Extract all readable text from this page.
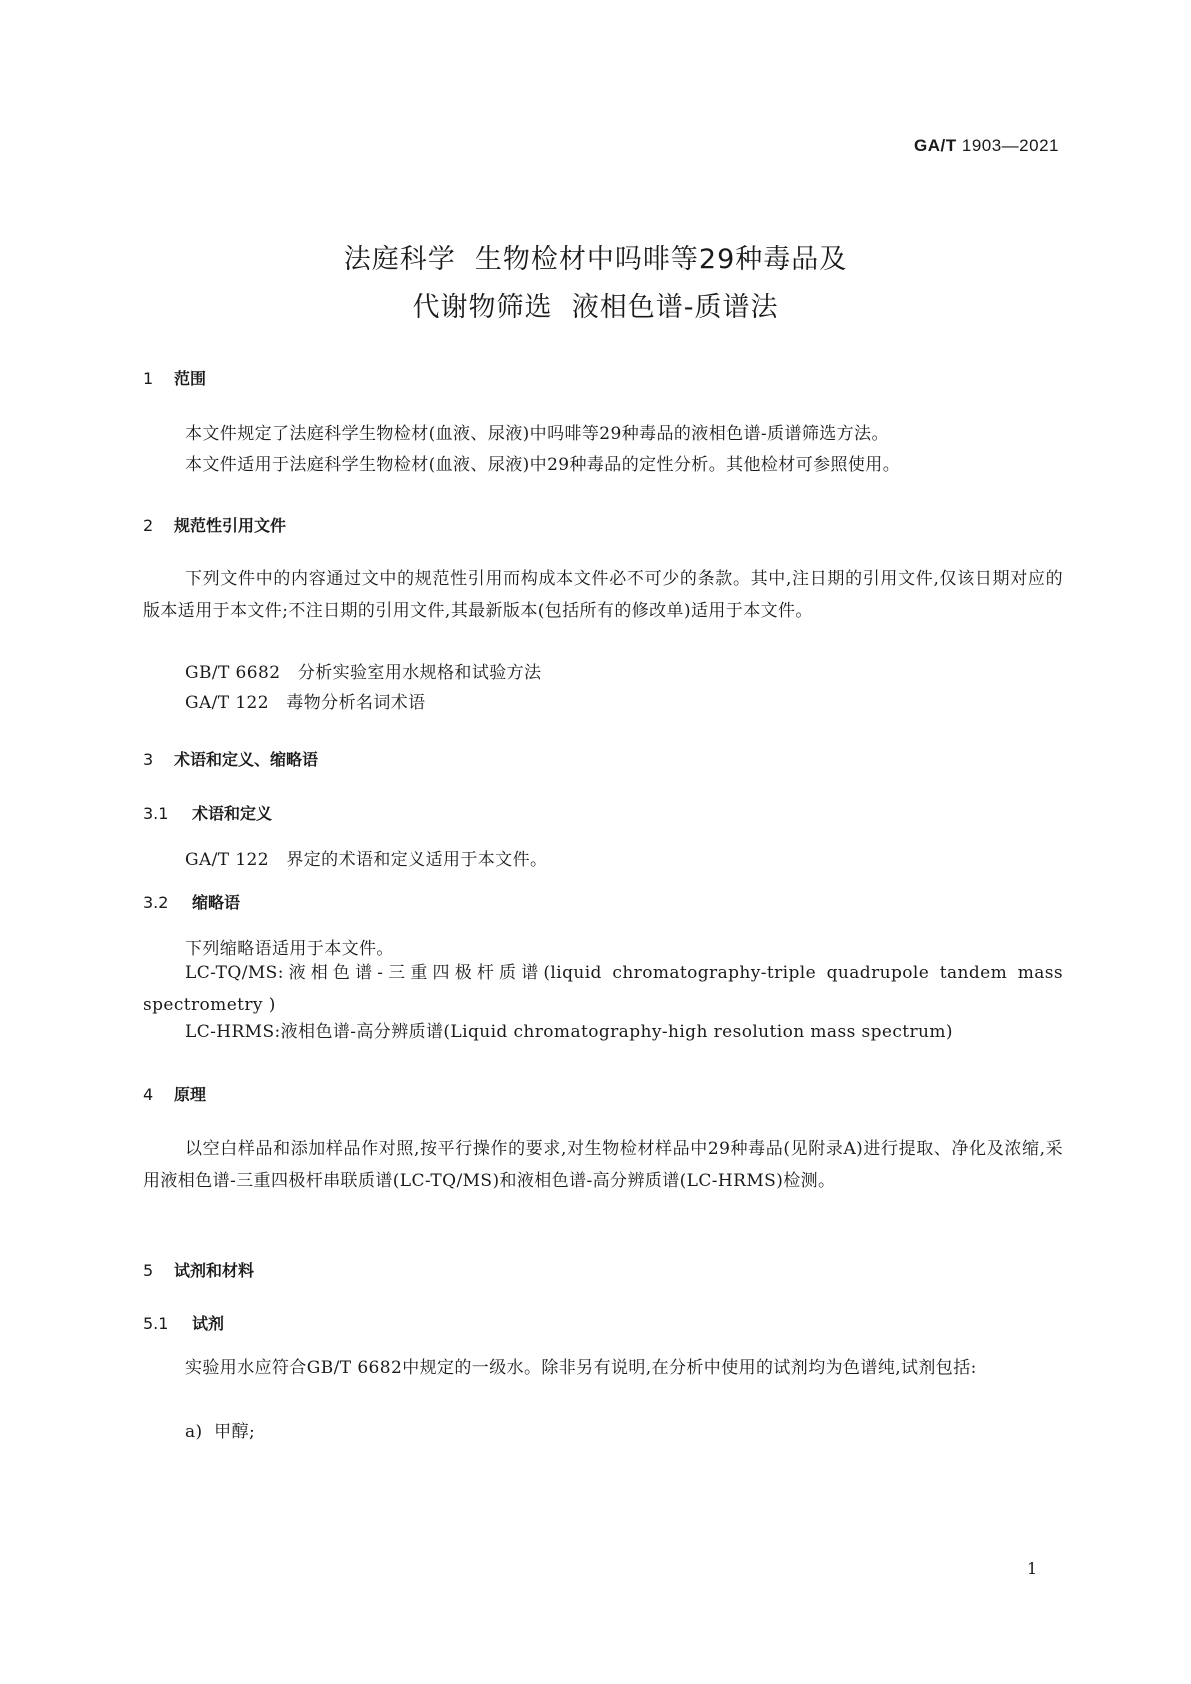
GA/T 1903—2021
法庭科学  生物检材中吗啡等29种毒品及
代谢物筛选  液相色谱-质谱法
1 范围
本文件规定了法庭科学生物检材(血液、尿液)中吗啡等29种毒品的液相色谱-质谱筛选方法。
本文件适用于法庭科学生物检材(血液、尿液)中29种毒品的定性分析。其他检材可参照使用。
2 规范性引用文件
下列文件中的内容通过文中的规范性引用而构成本文件必不可少的条款。其中,注日期的引用文件,仅该日期对应的版本适用于本文件;不注日期的引用文件,其最新版本(包括所有的修改单)适用于本文件。
GB/T 6682   分析实验室用水规格和试验方法
GA/T 122   毒物分析名词术语
3 术语和定义、缩略语
3.1 术语和定义
GA/T 122   界定的术语和定义适用于本文件。
3.2 缩略语
下列缩略语适用于本文件。
LC-TQ/MS:液相色谱-三重四极杆质谱(liquid chromatography-triple quadrupole tandem mass spectrometry )
LC-HRMS:液相色谱-高分辨质谱(Liquid chromatography-high resolution mass spectrum)
4 原理
以空白样品和添加样品作对照,按平行操作的要求,对生物检材样品中29种毒品(见附录A)进行提取、净化及浓缩,采用液相色谱-三重四极杆串联质谱(LC-TQ/MS)和液相色谱-高分辨质谱(LC-HRMS)检测。
5 试剂和材料
5.1 试剂
实验用水应符合GB/T 6682中规定的一级水。除非另有说明,在分析中使用的试剂均为色谱纯,试剂包括:
a)  甲醇;
1
